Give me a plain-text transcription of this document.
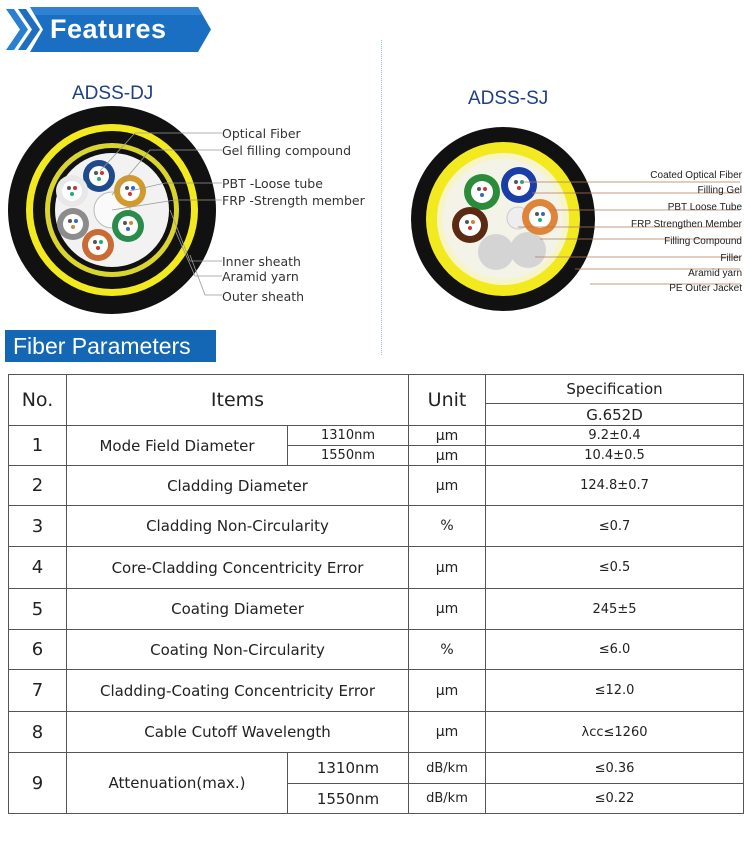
Features
ADSS-DJ
Optical Fiber
Gel filling compound
PBT -Loose tube
FRP -Strength member
Inner sheath
Aramid yarn
Outer sheath
ADSS-SJ
Coated Optical Fiber
Filling Gel
PBT Loose Tube
FRP Strengthen Member
Filling Compound
Filler
Aramid yarn
PE Outer Jacket
Fiber Parameters
No.	Items		Unit	Specification
				G.652D
1	Mode Field Diameter	1310nm	μm	9.2±0.4
		1550nm	μm	10.4±0.5
2	Cladding Diameter		μm	124.8±0.7
3	Cladding Non-Circularity		%	≤0.7
4	Core-Cladding Concentricity Error		μm	≤0.5
5	Coating Diameter		μm	245±5
6	Coating Non-Circularity		%	≤6.0
7	Cladding-Coating Concentricity Error		μm	≤12.0
8	Cable Cutoff Wavelength		μm	λcc≤1260
9	Attenuation(max.)	1310nm	dB/km	≤0.36
		1550nm	dB/km	≤0.22
